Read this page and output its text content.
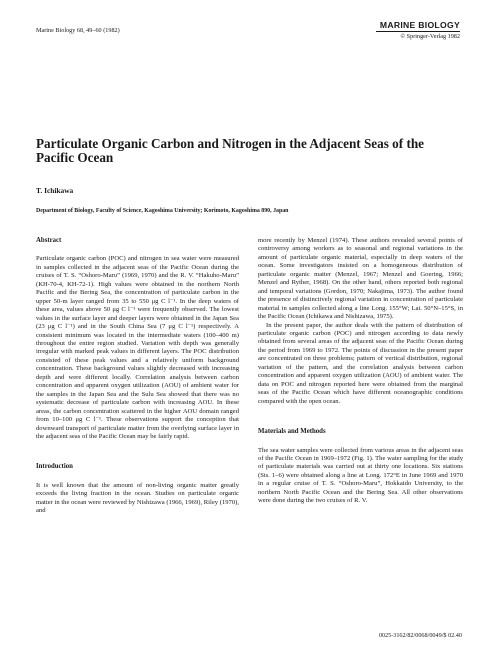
Marine Biology 68, 49–60 (1982)
MARINE BIOLOGY
© Springer-Verlag 1982
Particulate Organic Carbon and Nitrogen in the Adjacent Seas of the Pacific Ocean
T. Ichikawa
Department of Biology, Faculty of Science, Kagoshima University; Korimoto, Kagoshima 890, Japan
Abstract

Particulate organic carbon (POC) and nitrogen in sea water were measured in samples collected in the adjacent seas of the Pacific Ocean during the cruises of T. S. “Oshoro-Maru” (1969, 1970) and the R. V. “Hakuho-Maru” (KH-70-4, KH-72-1). High values were obtained in the northern North Pacific and the Bering Sea, the concentration of particulate carbon in the upper 50-m layer ranged from 35 to 550 μg C l⁻¹. In the deep waters of these area, values above 50 μg C l⁻¹ were frequently observed. The lowest values in the surface layer and deeper layers were obtained in the Japan Sea (23 μg C l⁻¹) and in the South China Sea (7 μg C l⁻¹) respectively. A consistent minimum was located in the intermediate waters (100–400 m) throughout the entire region studied. Variation with depth was generally irregular with marked peak values in different layers. The POC distribution consisted of these peak values and a relatively uniform background concentration. These background values slightly decreased with increasing depth and were different locally. Correlation analysis between carbon concentration and apparent oxygen utilization (AOU) of ambient water for the samples in the Japan Sea and the Sulu Sea showed that there was no systematic decrease of particulate carbon with increasing AOU. In these areas, the carbon concentration scattered in the higher AOU domain ranged from 10–100 μg C l⁻¹. These observations support the conception that downward transport of particulate matter from the overlying surface layer in the adjacent seas of the Pacific Ocean may be fairly rapid.

Introduction

It is well known that the amount of non-living organic matter greatly exceeds the living fraction in the ocean. Studies on particulate organic matter in the ocean were reviewed by Nishizawa (1966, 1969), Riley (1970), and

more recently by Menzel (1974). These authors revealed several points of controversy among workers as to seasonal and regional variations in the amount of particulate organic material, especially in deep waters of the ocean. Some investigators insisted on a homogeneous distribution of particulate organic matter (Menzel, 1967; Menzel and Goering, 1966; Menzel and Ryther, 1968). On the other hand, others reported both regional and temporal variations (Gordon, 1970; Nakajima, 1973). The author found the presence of distinctively regional variation in concentration of particulate material in samples collected along a line Long. 155°W; Lat. 50°N–15°S, in the Pacific Ocean (Ichikawa and Nishizawa, 1975).

In the present paper, the author deals with the pattern of distribution of particulate organic carbon (POC) and nitrogen according to data newly obtained from several areas of the adjacent seas of the Pacific Ocean during the period from 1969 to 1972. The points of discussion in the present paper are concentrated on three problems; pattern of vertical distribution, regional variation of the pattern, and the correlation analysis between carbon concentration and apparent oxygen utilization (AOU) of ambient water. The data on POC and nitrogen reported here were obtained from the marginal seas of the Pacific Ocean which have different oceanographic conditions compared with the open ocean.

Materials and Methods

The sea water samples were collected from various areas in the adjacent seas of the Pacific Ocean in 1969–1972 (Fig. 1). The water sampling for the study of particulate materials was carried out at thirty one locations. Six stations (Sts. 1–6) were obtained along a line at Long. 172°E in June 1969 and 1970 in a regular cruise of T. S. “Oshoro-Maru”, Hokkaido University, to the northern North Pacific Ocean and the Bering Sea. All other observations were done during the two cruises of R. V.

0025-3162/82/0068/0049/$ 02.40
